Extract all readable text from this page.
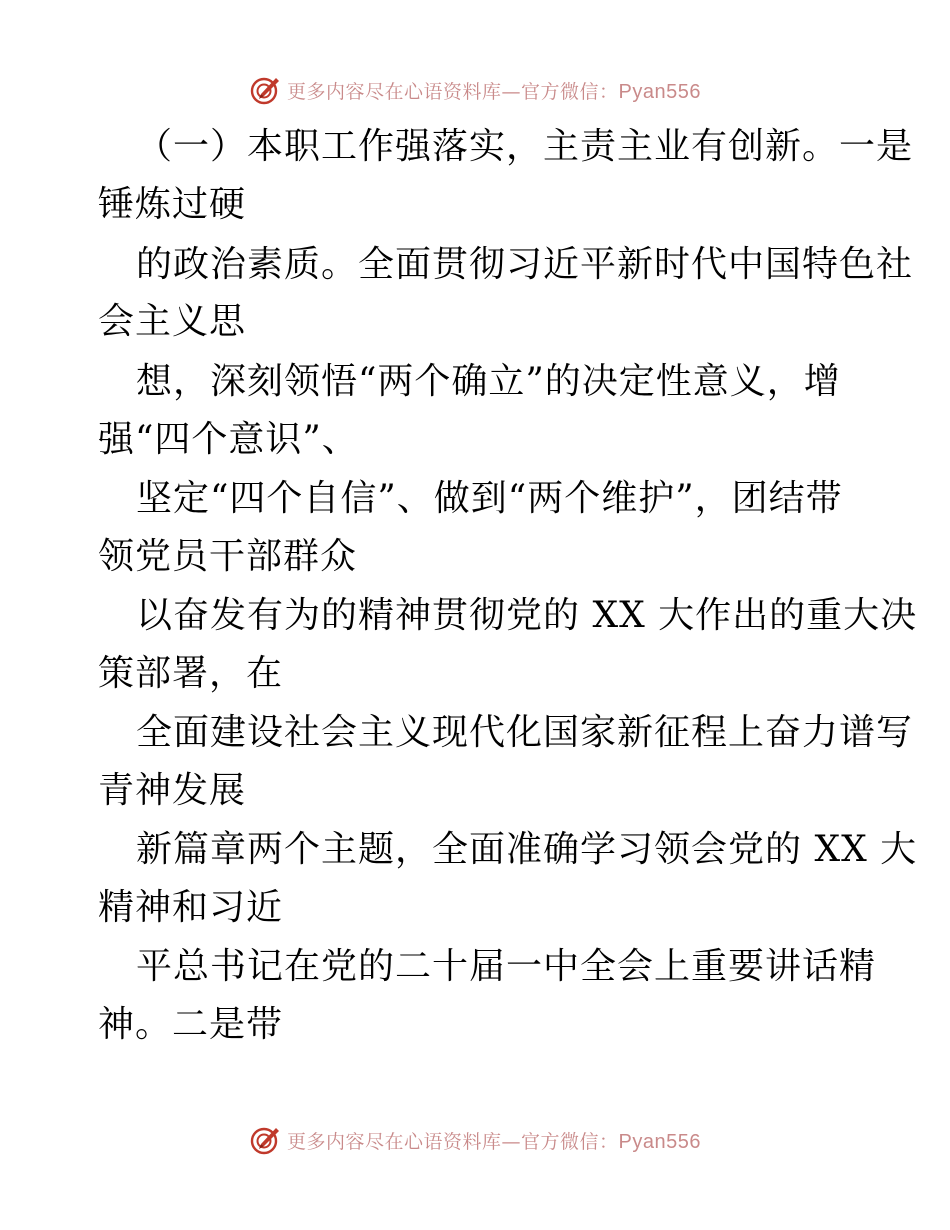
更多内容尽在心语资料库—官方微信：Pyan556
（一）本职工作强落实，主责主业有创新。一是
锤炼过硬
的政治素质。全面贯彻习近平新时代中国特色社
会主义思
想，深刻领悟“两个确立”的决定性意义，增
强“四个意识”、
坚定“四个自信”、做到“两个维护”，团结带
领党员干部群众
以奋发有为的精神贯彻党的 XX 大作出的重大决
策部署，在
全面建设社会主义现代化国家新征程上奋力谱写
青神发展
新篇章两个主题，全面准确学习领会党的 XX 大
精神和习近
平总书记在党的二十届一中全会上重要讲话精
神。二是带
更多内容尽在心语资料库—官方微信：Pyan556
